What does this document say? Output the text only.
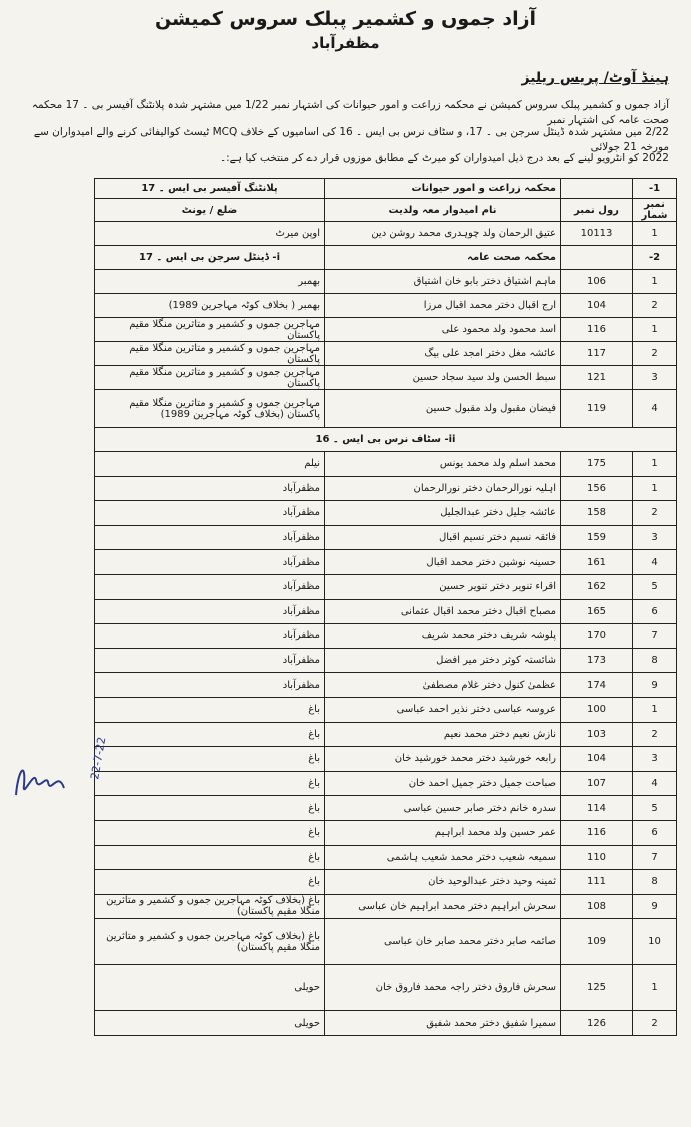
آزاد جموں و کشمیر پبلک سروس کمیشن
مظفرآباد
ہینڈ آوٹ/ پریس ریلیز
آزاد جموں و کشمیر پبلک سروس کمیشن نے محکمہ زراعت و امور حیوانات کی اشتہار نمبر 1/22 میں مشتہر شدہ پلانٹنگ آفیسر بی ۔ 17 محکمہ صحت عامہ کی اشتہار نمبر
2/22 میں مشتہر شدہ ڈینٹل سرجن بی ۔ 17، و سٹاف نرس بی ایس ۔ 16 کی اسامیوں کے خلاف MCQ ٹیسٹ کوالیفائی کرنے والے امیدواران سے مورخہ 21 جولائی
2022 کو انٹرویو لینے کے بعد درج ذیل امیدواران کو میرٹ کے مطابق موزوں قرار دے کر منتخب کیا ہے:۔
1-		محکمہ زراعت و امور حیوانات	پلانٹنگ آفیسر بی ایس ۔ 17
نمبر شمار	رول نمبر	نام امیدوار معہ ولدیت	ضلع / یونٹ
1	10113	عتیق الرحمان ولد چوہدری محمد روشن دین	اوپن میرٹ
2-		محکمہ صحت عامہ	i- ڈینٹل سرجن بی ایس ۔ 17
1	106	ماہم اشتیاق دختر بابو خان اشتیاق	بھمبر
2	104	ارج اقبال دختر محمد اقبال مرزا	بھمبر ( بخلاف کوٹہ مہاجرین 1989)
1	116	اسد محمود ولد محمود علی	مہاجرین جموں و کشمیر و متاثرین منگلا مقیم پاکستان
2	117	عائشہ مغل دختر امجد علی بیگ	مہاجرین جموں و کشمیر و متاثرین منگلا مقیم پاکستان
3	121	سبط الحسن ولد سید سجاد حسین	مہاجرین جموں و کشمیر و متاثرین منگلا مقیم پاکستان
4	119	فیضان مقبول ولد مقبول حسین	مہاجرین جموں و کشمیر و متاثرین منگلا مقیم پاکستان (بخلاف کوٹہ مہاجرین 1989)
ii- سٹاف نرس بی ایس ۔ 16			
1	175	محمد اسلم ولد محمد یونس	نیلم
1	156	اہلیہ نورالرحمان دختر نورالرحمان	مظفرآباد
2	158	عائشہ جلیل دختر عبدالجلیل	مظفرآباد
3	159	فائقہ نسیم دختر نسیم اقبال	مظفرآباد
4	161	حسینہ نوشین دختر محمد اقبال	مظفرآباد
5	162	اقراء تنویر دختر تنویر حسین	مظفرآباد
6	165	مصباح اقبال دختر محمد اقبال عثمانی	مظفرآباد
7	170	پلوشہ شریف دختر محمد شریف	مظفرآباد
8	173	شائستہ کوثر دختر میر افضل	مظفرآباد
9	174	عظمیٰ کنول دختر غلام مصطفیٰ	مظفرآباد
1	100	عروسہ عباسی دختر نذیر احمد عباسی	باغ
2	103	نازش نعیم دختر محمد نعیم	باغ
3	104	رابعہ خورشید دختر محمد خورشید خان	باغ
4	107	صباحت جمیل دختر جمیل احمد خان	باغ
5	114	سدرہ خانم دختر صابر حسین عباسی	باغ
6	116	عمر حسین ولد محمد ابراہیم	باغ
7	110	سمیعہ شعیب دختر محمد شعیب ہاشمی	باغ
8	111	ثمینہ وحید دختر عبدالوحید خان	باغ
9	108	سحرش ابراہیم دختر محمد ابراہیم خان عباسی	باغ (بخلاف کوٹہ مہاجرین جموں و کشمیر و متاثرین منگلا مقیم پاکستان)
10	109	صائمہ صابر دختر محمد صابر خان عباسی	باغ (بخلاف کوٹہ مہاجرین جموں و کشمیر و متاثرین منگلا مقیم پاکستان)
1	125	سحرش فاروق دختر راجہ محمد فاروق خان	حویلی
2	126	سمیرا شفیق دختر محمد شفیق	حویلی
22-7-22
